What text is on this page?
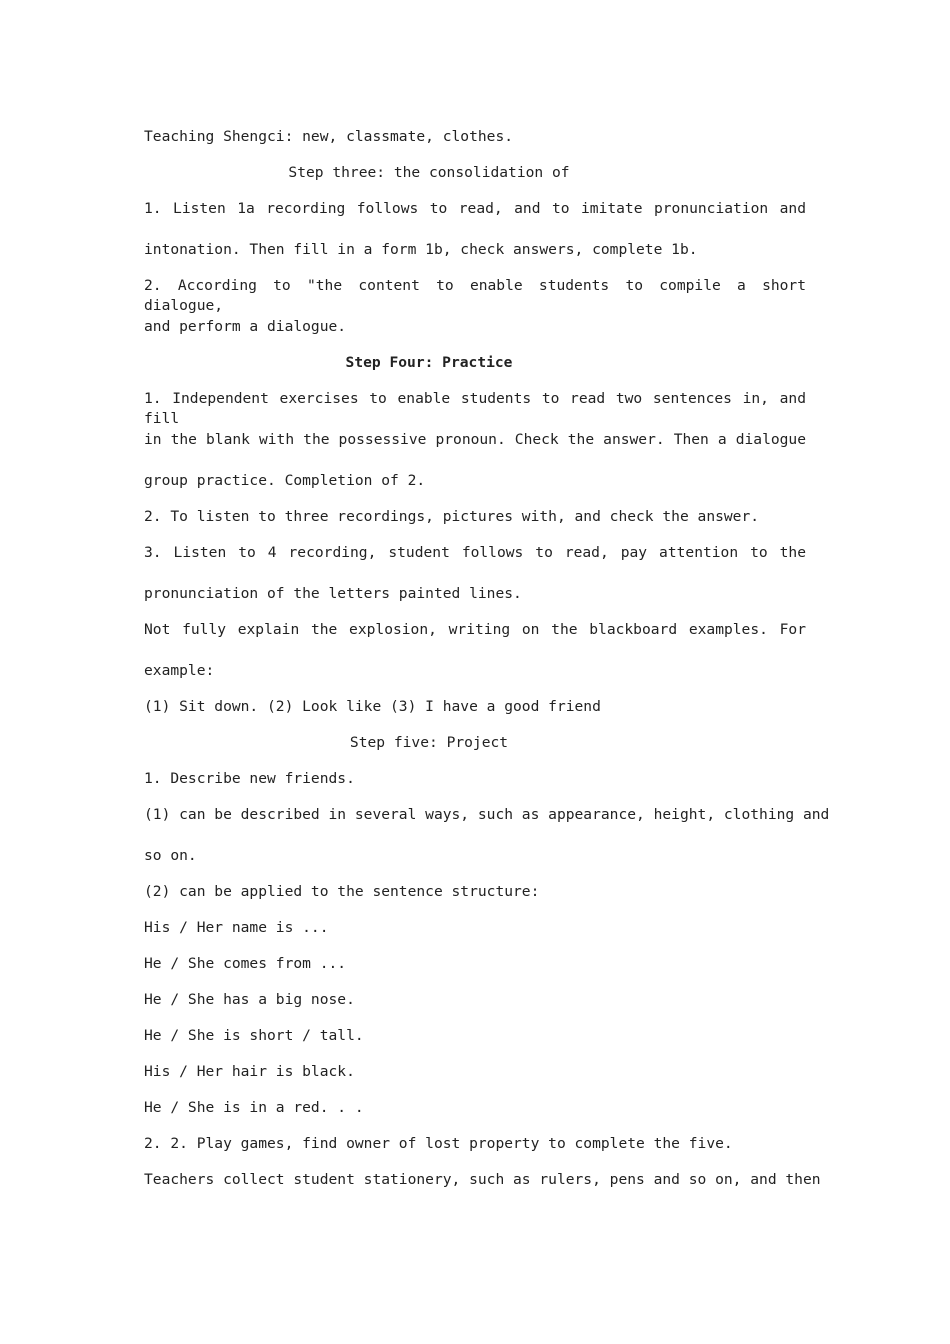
Teaching Shengci: new, classmate, clothes.
Step three: the consolidation of
1. Listen 1a recording follows to read, and to imitate pronunciation and
intonation. Then fill in a form 1b, check answers, complete 1b.
2. According to "the content to enable students to compile a short dialogue,
and perform a dialogue.
Step Four: Practice
1. Independent exercises to enable students to read two sentences in, and fill
in the blank with the possessive pronoun. Check the answer. Then a dialogue
group practice. Completion of 2.
2. To listen to three recordings, pictures with, and check the answer.
3. Listen to 4 recording, student follows to read, pay attention to the
pronunciation of the letters painted lines.
Not fully explain the explosion, writing on the blackboard examples. For
example:
(1) Sit down. (2) Look like (3) I have a good friend
Step five: Project
1. Describe new friends.
(1) can be described in several ways, such as appearance, height, clothing and
so on.
(2) can be applied to the sentence structure:
His / Her name is ...
He / She comes from ...
He / She has a big nose.
He / She is short / tall.
His / Her hair is black.
He / She is in a red. . .
2. 2. Play games, find owner of lost property to complete the five.
Teachers collect student stationery, such as rulers, pens and so on, and then
